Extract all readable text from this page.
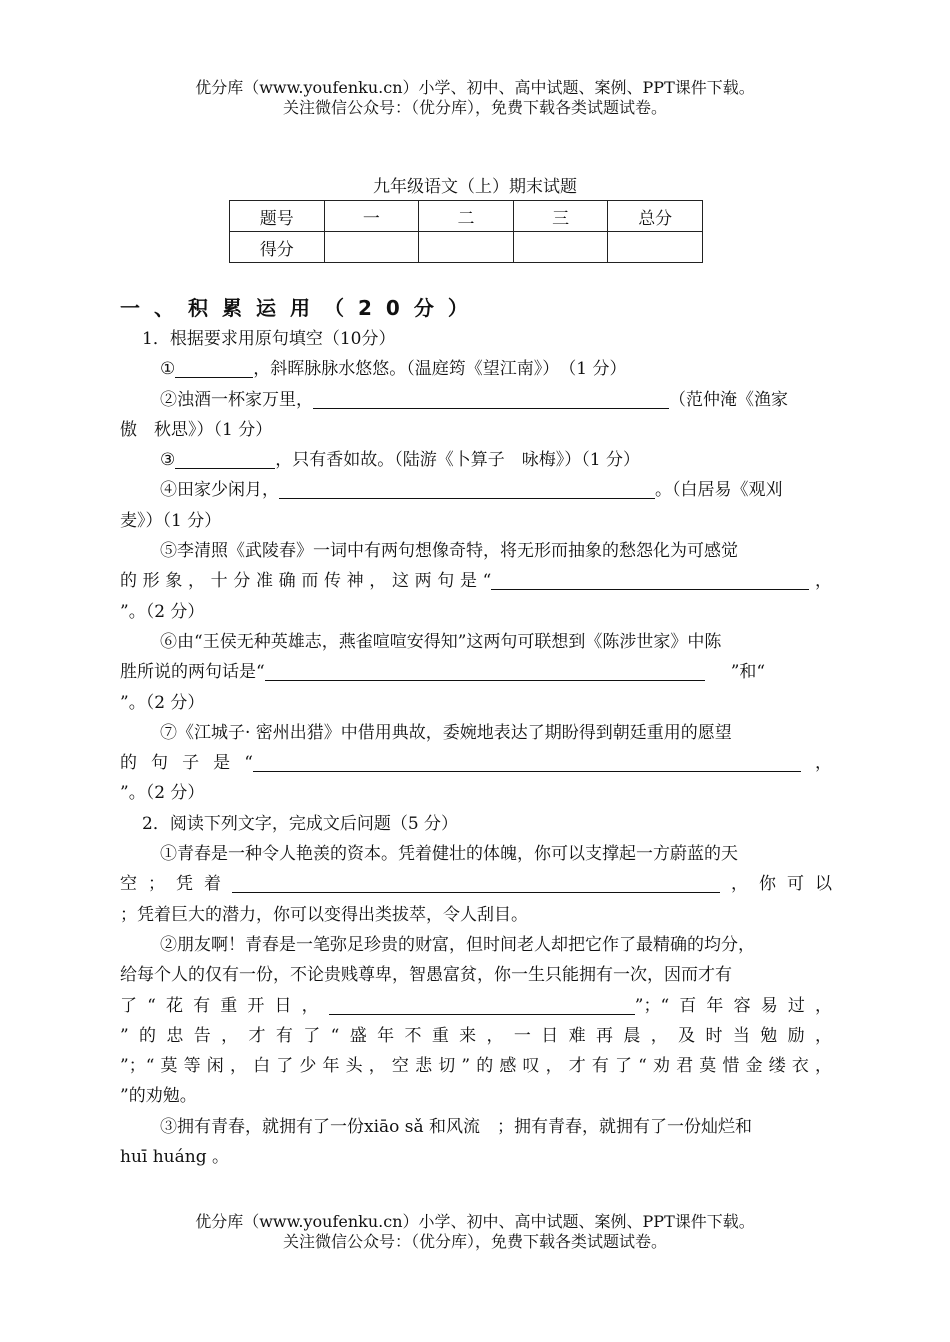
优分库（www.youfenku.cn）小学、初中、高中试题、案例、PPT课件下载。
关注微信公众号：（优分库），免费下载各类试题试卷。
九年级语文（上）期末试题
题号	一	二	三	总分
得分				
一、积累运用（20分）
1．根据要求用原句填空（10分）
①	，斜晖脉脉水悠悠。（温庭筠《望江南》）　（1 分）
②浊酒一杯家万里，	（范仲淹《渔家
傲　秋思》）（1 分）
③	，只有香如故。（陆游《卜算子　咏梅》）（1 分）
④田家少闲月，	。（白居易《观刈
麦》）（1 分）
⑤李清照《武陵春》一词中有两句想像奇特，将无形而抽象的愁怨化为可感觉
的形象，十分准确而传神，这两句是“	，
”。（2 分）
⑥由“王侯无种英雄志，燕雀喧喧安得知”这两句可联想到《陈涉世家》中陈
胜所说的两句话是“	”和“
”。（2 分）
⑦《江城子· 密州出猎》中借用典故，委婉地表达了期盼得到朝廷重用的愿望
的句子是“	，
”。（2 分）
2．阅读下列文字，完成文后问题（5 分）
①青春是一种令人艳羡的资本。凭着健壮的体魄，你可以支撑起一方蔚蓝的天
空；凭着	，你可以
；凭着巨大的潜力，你可以变得出类拔萃，令人刮目。
②朋友啊！青春是一笔弥足珍贵的财富，但时间老人却把它作了最精确的均分，
给每个人的仅有一份，不论贵贱尊卑，智愚富贫，你一生只能拥有一次，因而才有
了“花有重开日，	”；“百年容易过，
”的忠告，才有了“盛年不重来，一日难再晨，及时当勉励，
”；“莫等闲，白了少年头，空悲切”的感叹，才有了“劝君莫惜金缕衣，
”的劝勉。
③拥有青春，就拥有了一份xiāo sǎ 和风流　；拥有青春，就拥有了一份灿烂和
huī huáng 。
优分库（www.youfenku.cn）小学、初中、高中试题、案例、PPT课件下载。
关注微信公众号：（优分库），免费下载各类试题试卷。
